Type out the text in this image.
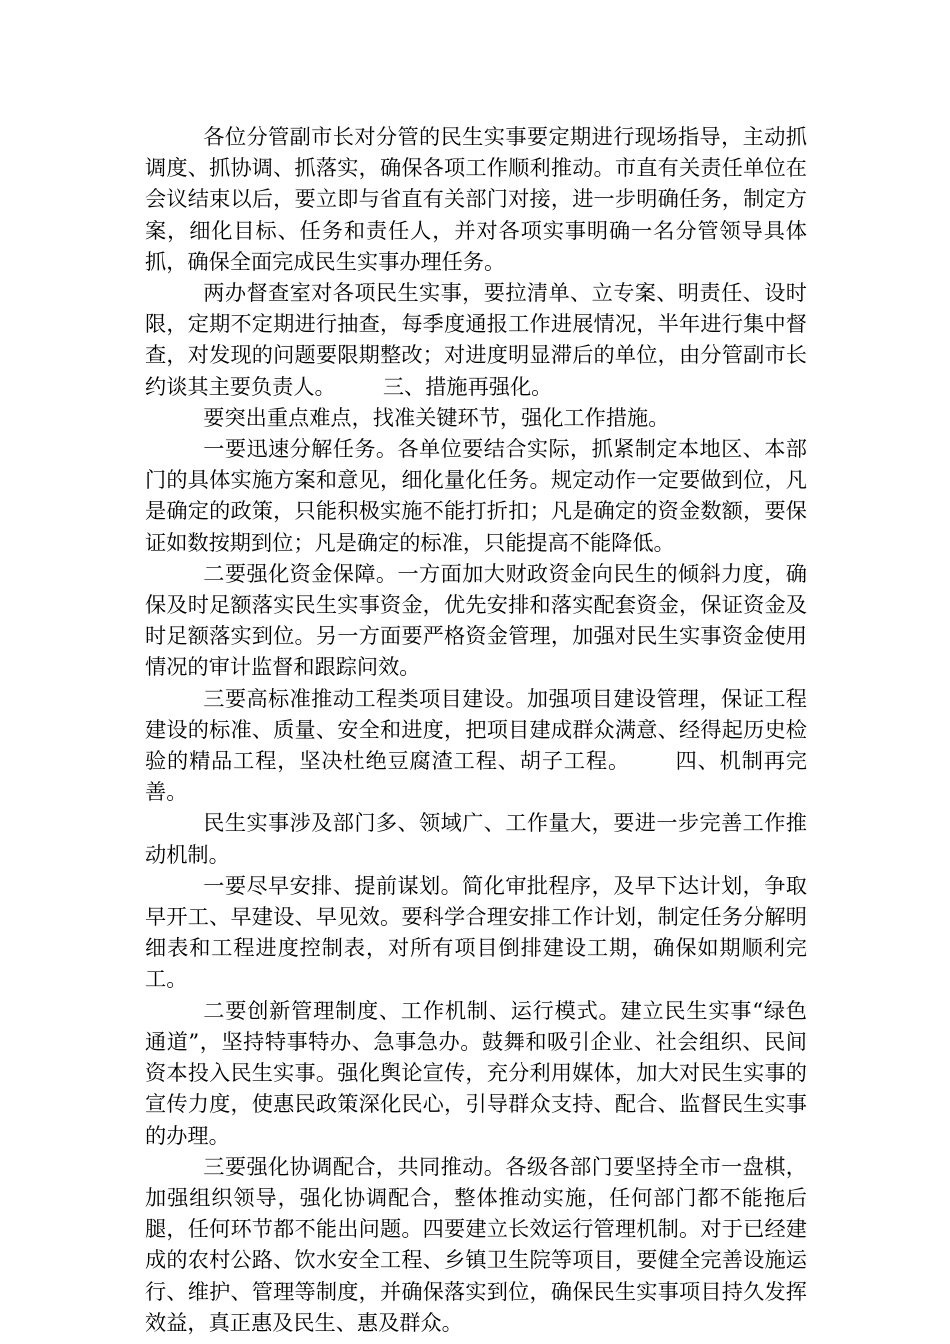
各位分管副市长对分管的民生实事要定期进行现场指导，主动抓调度、抓协调、抓落实，确保各项工作顺利推动。市直有关责任单位在会议结束以后，要立即与省直有关部门对接，进一步明确任务，制定方案，细化目标、任务和责任人，并对各项实事明确一名分管领导具体抓，确保全面完成民生实事办理任务。

两办督查室对各项民生实事，要拉清单、立专案、明责任、设时限，定期不定期进行抽查，每季度通报工作进展情况，半年进行集中督查，对发现的问题要限期整改；对进度明显滞后的单位，由分管副市长约谈其主要负责人。       三、措施再强化。

要突出重点难点，找准关键环节，强化工作措施。

一要迅速分解任务。各单位要结合实际，抓紧制定本地区、本部门的具体实施方案和意见，细化量化任务。规定动作一定要做到位，凡是确定的政策，只能积极实施不能打折扣；凡是确定的资金数额，要保证如数按期到位；凡是确定的标准，只能提高不能降低。

二要强化资金保障。一方面加大财政资金向民生的倾斜力度，确保及时足额落实民生实事资金，优先安排和落实配套资金，保证资金及时足额落实到位。另一方面要严格资金管理，加强对民生实事资金使用情况的审计监督和跟踪问效。

三要高标准推动工程类项目建设。加强项目建设管理，保证工程建设的标准、质量、安全和进度，把项目建成群众满意、经得起历史检验的精品工程，坚决杜绝豆腐渣工程、胡子工程。      四、机制再完善。

民生实事涉及部门多、领域广、工作量大，要进一步完善工作推动机制。

一要尽早安排、提前谋划。简化审批程序，及早下达计划，争取早开工、早建设、早见效。要科学合理安排工作计划，制定任务分解明细表和工程进度控制表，对所有项目倒排建设工期，确保如期顺利完工。

二要创新管理制度、工作机制、运行模式。建立民生实事“绿色通道”，坚持特事特办、急事急办。鼓舞和吸引企业、社会组织、民间资本投入民生实事。强化舆论宣传，充分利用媒体，加大对民生实事的宣传力度，使惠民政策深化民心，引导群众支持、配合、监督民生实事的办理。

三要强化协调配合，共同推动。各级各部门要坚持全市一盘棋，加强组织领导，强化协调配合，整体推动实施，任何部门都不能拖后腿，任何环节都不能出问题。四要建立长效运行管理机制。对于已经建成的农村公路、饮水安全工程、乡镇卫生院等项目，要健全完善设施运行、维护、管理等制度，并确保落实到位，确保民生实事项目持久发挥效益，真正惠及民生、惠及群众。
